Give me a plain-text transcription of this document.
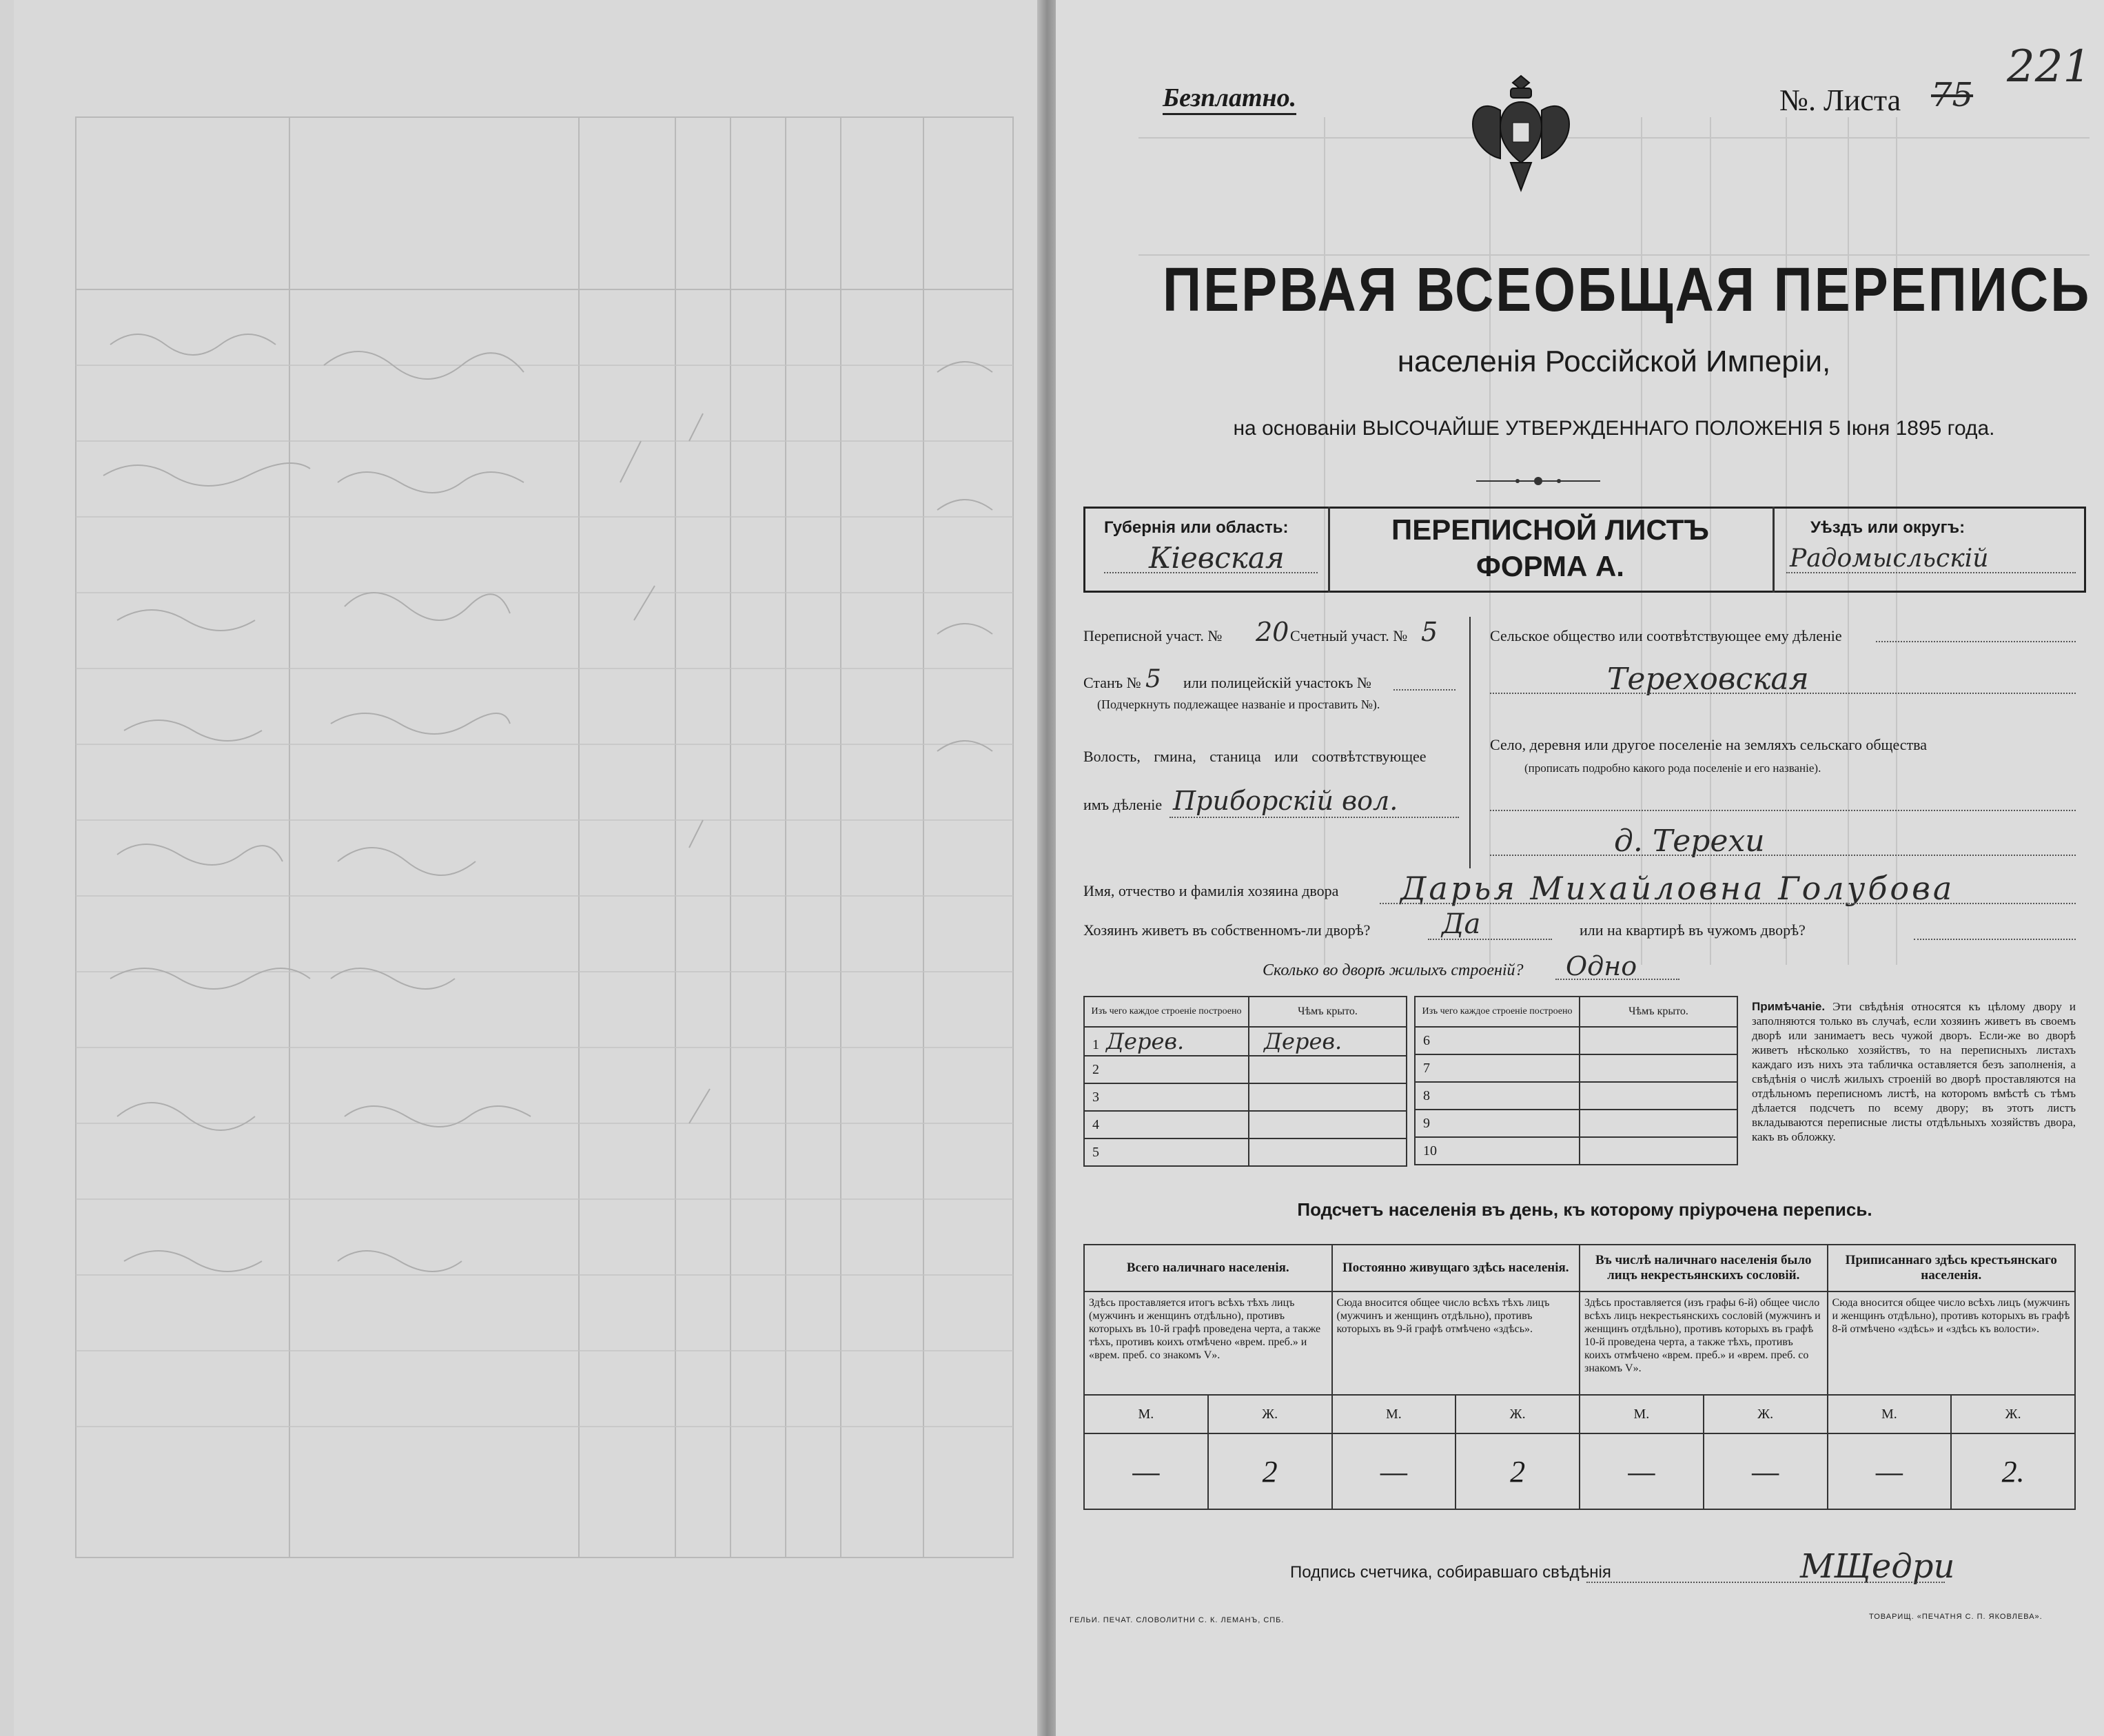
Безплатно.	№. Листа 75
221
ПЕРВАЯ ВСЕОБЩАЯ ПЕРЕПИСЬ
населенія Россійской Имперіи,
на основаніи ВЫСОЧАЙШЕ УТВЕРЖДЕННАГО ПОЛОЖЕНІЯ 5 Іюня 1895 года.
Губернія или область:
Кіевская
ПЕРЕПИСНОЙ ЛИСТЪ
ФОРМА А.
Уѣздъ или округъ:
Радомысльскій
Переписной участ. № 20 Счетный участ. № 5
Станъ № 5 или полицейскій участокъ №
(Подчеркнуть подлежащее названіе и проставить №).
Волость, гмина, станица или соотвѣтствующее
имъ дѣленіе Приборскій вол.
Сельское общество или соотвѣтствующее ему дѣленіе
Тереховская
Село, деревня или другое поселеніе на земляхъ сельскаго общества
(прописать подробно какого рода поселеніе и его названіе).
д. Терехи
Имя, отчество и фамилія хозяина двора Дарья Михайловна Голубова
Хозяинъ живетъ въ собственномъ-ли дворѣ?	Да	или на квартирѣ въ чужомъ дворѣ?
Сколько во дворѣ жилыхъ строеній? Одно
Изъ чего каждое строеніе построено	Чѣмъ крыто.
1 Дерев.	Дерев.
2	
3	
4	
5	
Изъ чего каждое строеніе построено	Чѣмъ крыто.
6	
7	
8	
9	
10	
Примѣчаніе. Эти свѣдѣнія относятся къ цѣлому двору и заполняются только въ случаѣ, если хозяинъ живетъ въ своемъ дворѣ или занимаетъ весь чужой дворъ. Если-же во дворѣ живетъ нѣсколько хозяйствъ, то на переписныхъ листахъ каждаго изъ нихъ эта табличка оставляется безъ заполненія, а свѣдѣнія о числѣ жилыхъ строеній во дворѣ проставляются на отдѣльномъ переписномъ листѣ, на которомъ вмѣстѣ съ тѣмъ дѣлается подсчетъ по всему двору; въ этотъ листъ вкладываются переписные листы отдѣльныхъ хозяйствъ двора, какъ въ обложку.
Подсчетъ населенія въ день, къ которому пріурочена перепись.
Всего наличнаго населенія.		Постоянно живущаго здѣсь населенія.		Въ числѣ наличнаго населенія было лицъ некрестьянскихъ сословій.		Приписаннаго здѣсь крестьянскаго населенія.	
Здѣсь проставляется итогъ всѣхъ тѣхъ лицъ (мужчинъ и женщинъ отдѣльно), противъ которыхъ въ 10-й графѣ проведена черта, а также тѣхъ, противъ коихъ отмѣчено «врем. преб.» и «врем. преб. со знакомъ V».		Сюда вносится общее число всѣхъ тѣхъ лицъ (мужчинъ и женщинъ отдѣльно), противъ которыхъ въ 9-й графѣ отмѣчено «здѣсь».		Здѣсь проставляется (изъ графы 6-й) общее число всѣхъ лицъ некрестьянскихъ сословій (мужчинъ и женщинъ отдѣльно), противъ которыхъ въ графѣ 10-й проведена черта, а также тѣхъ, противъ коихъ отмѣчено «врем. преб.» и «врем. преб. со знакомъ V».		Сюда вносится общее число всѣхъ лицъ (мужчинъ и женщинъ отдѣльно), противъ которыхъ въ графѣ 8-й отмѣчено «здѣсь» и «здѣсь къ волости».	
М.	Ж.	М.	Ж.	М.	Ж.	М.	Ж.
—	2	—	2	—	—	—	2.
Подпись счетчика, собиравшаго свѣдѣнія	МЩедри
ГЕЛЬИ. ПЕЧАТ. СЛОВОЛИТНИ С. К. ЛЕМАНЪ, СПБ.	ТОВАРИЩ. «ПЕЧАТНЯ С. П. ЯКОВЛЕВА».
